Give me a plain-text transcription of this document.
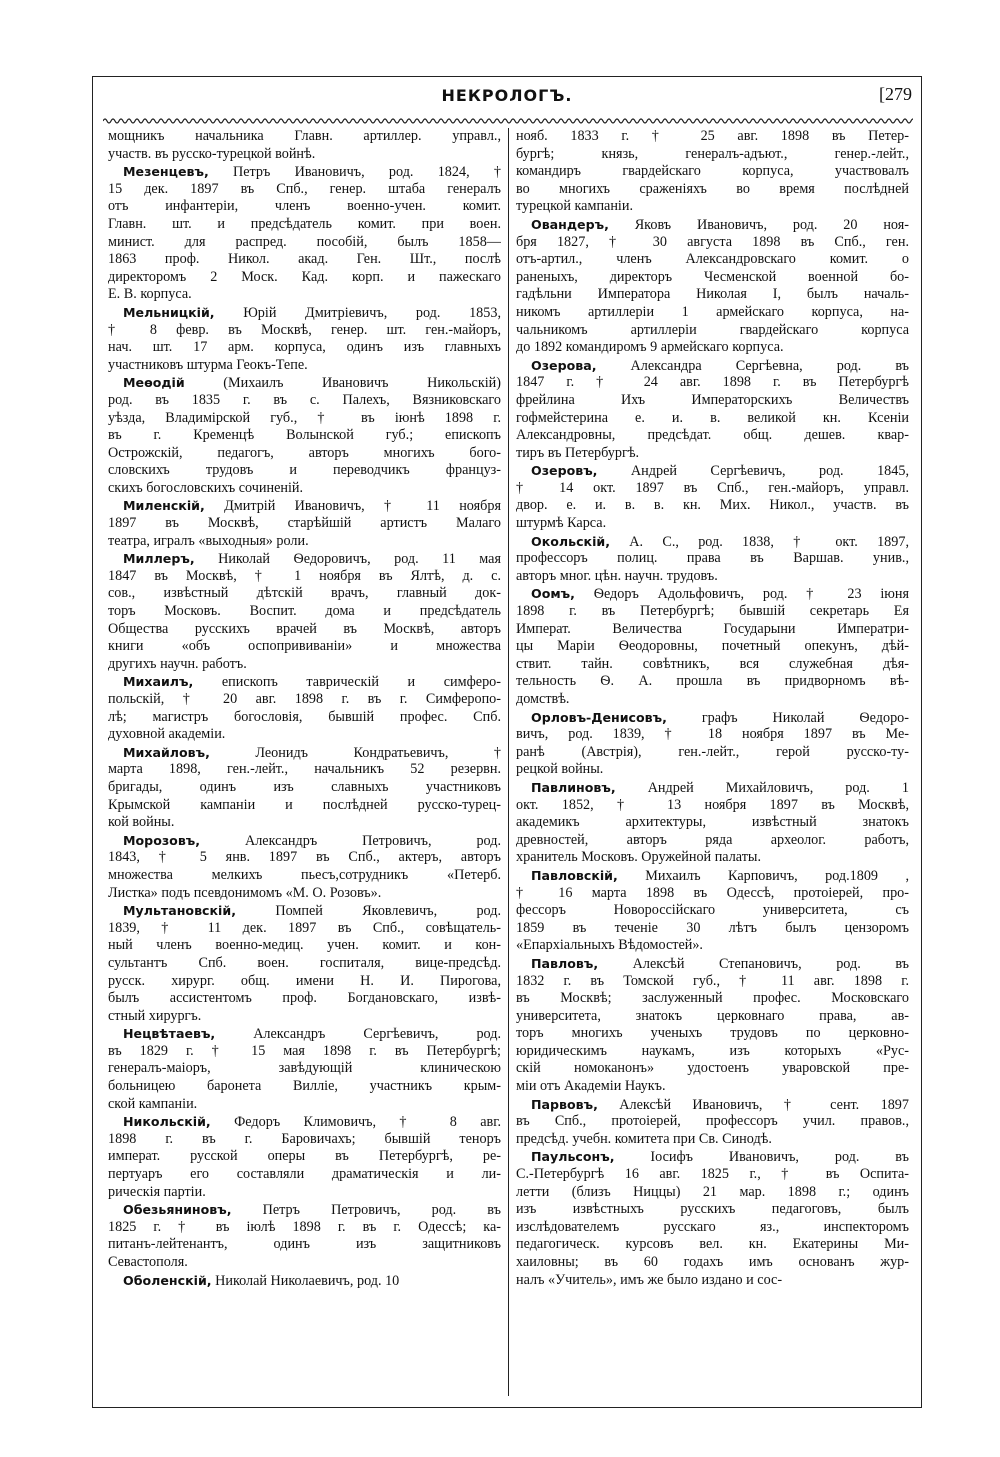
НЕКРОЛОГЪ.	[279
мощникъ начальника Главн. артиллер. управл.,
участв. въ русско-турецкой войнѣ.
Мезенцевъ, Петръ Ивановичъ, род. 1824, †
15 дек. 1897 въ Спб., генер. штаба генералъ
отъ инфантеріи, членъ военно-учен. комит.
Главн. шт. и предсѣдатель комит. при воен.
минист. для распред. пособій, былъ 1858—
1863 проф. Никол. акад. Ген. Шт., послѣ
директоромъ 2 Моск. Кад. корп. и пажескаго
Е. В. корпуса.
Мельницкій, Юрій Дмитріевичъ, род. 1853,
† 8 февр. въ Москвѣ, генер. шт. ген.-майоръ,
нач. шт. 17 арм. корпуса, одинъ изъ главныхъ
участниковъ штурма Геокъ-Тепе.
Меѳодій (Михаилъ Ивановичъ Никольскій)
род. въ 1835 г. въ с. Палехъ, Вязниковскаго
уѣзда, Владимірской губ., † въ іюнѣ 1898 г.
въ г. Кременцѣ Волынской губ.; епископъ
Острожскій, педагогъ, авторъ многихъ бого-
словскихъ трудовъ и переводчикъ француз-
скихъ богословскихъ сочиненій.
Миленскій, Дмитрій Ивановичъ, † 11 ноября
1897 въ Москвѣ, старѣйшій артистъ Малаго
театра, игралъ «выходныя» роли.
Миллеръ, Николай Ѳедоровичъ, род. 11 мая
1847 въ Москвѣ, † 1 ноября въ Ялтѣ, д. с.
сов., извѣстный дѣтскій врачъ, главный док-
торъ Московъ. Воспит. дома и предсѣдатель
Общества русскихъ врачей въ Москвѣ, авторъ
книги «объ оспопрививаніи» и множества
другихъ научн. работъ.
Михаилъ, епископъ таврическій и симферо-
польскій, † 20 авг. 1898 г. въ г. Симферопо-
лѣ; магистръ богословія, бывшій профес. Спб.
духовной академіи.
Михайловъ, Леонидъ Кондратьевичъ, †
марта 1898, ген.-лейт., начальникъ 52 резервн.
бригады, одинъ изъ славныхъ участниковъ
Крымской кампаніи и послѣдней русско-турец-
кой войны.
Морозовъ, Александръ Петровичъ, род.
1843, † 5 янв. 1897 въ Спб., актеръ, авторъ
множества мелкихъ пьесъ,сотрудникъ «Петерб.
Листка» подъ псевдонимомъ «М. О. Розовъ».
Мультановскій, Помпей Яковлевичъ, род.
1839, † 11 дек. 1897 въ Спб., совѣщатель-
ный членъ военно-медиц. учен. комит. и кон-
сультантъ Спб. воен. госпиталя, вице-предсѣд.
русск. хирург. общ. имени Н. И. Пирогова,
былъ ассистентомъ проф. Богдановскаго, извѣ-
стный хирургъ.
Нецвѣтаевъ, Александръ Сергѣевичъ, род.
въ 1829 г. † 15 мая 1898 г. въ Петербургѣ;
генералъ-маіоръ, завѣдующій клиническою
больницею баронета Виллie, участникъ крым-
ской кампаніи.
Никольскій, Федоръ Климовичъ, † 8 авг.
1898 г. въ г. Баровичахъ; бывшій теноръ
императ. русской оперы въ Петербургѣ, ре-
пертуаръ его составляли драматическія и ли-
рическія партіи.
Обезьяниновъ, Петръ Петровичъ, род. въ
1825 г. † въ іюлѣ 1898 г. въ г. Одессѣ; ка-
питанъ-лейтенантъ, одинъ изъ защитниковъ
Севастополя.
Оболенскій, Николай Николаевичъ, род. 10
нояб. 1833 г. † 25 авг. 1898 въ Петер-
бургѣ; князь, генералъ-адъют., генер.-лейт.,
командиръ гвардейскаго корпуса, участвовалъ
во многихъ сраженіяхъ во время послѣдней
турецкой кампаніи.
Овандеръ, Яковъ Ивановичъ, род. 20 ноя-
бря 1827, † 30 августа 1898 въ Спб., ген.
отъ-артил., членъ Александровскаго комит. о
раненыхъ, директоръ Чесменской военной бо-
гадѣльни Императора Николая I, былъ началь-
никомъ артиллеріи 1 армейскаго корпуса, на-
чальникомъ артиллеріи гвардейскаго корпуса
до 1892 командиромъ 9 армейскаго корпуса.
Озерова, Александра Сергѣевна, род. въ
1847 г. † 24 авг. 1898 г. въ Петербургѣ
фрейлина Ихъ Императорскихъ Величествъ
гофмейстерина е. и. в. великой кн. Ксеніи
Александровны, предсѣдат. общ. дешев. квар-
тиръ въ Петербургѣ.
Озеровъ, Андрей Сергѣевичъ, род. 1845,
† 14 окт. 1897 въ Спб., ген.-майоръ, управл.
двор. е. и. в. в. кн. Мих. Никол., участв. въ
штурмѣ Карса.
Окольскій, А. С., род. 1838, † окт. 1897,
профессоръ полиц. права въ Варшав. унив.,
авторъ мног. цѣн. научн. трудовъ.
Оомъ, Ѳедоръ Адольфовичъ, род. † 23 іюня
1898 г. въ Петербургѣ; бывшій секретарь Ея
Императ. Величества Государыни Императри-
цы Маріи Ѳеодоровны, почетный опекунъ, дѣй-
ствит. тайн. совѣтникъ, вся служебная дѣя-
тельность Ѳ. А. прошла въ придворномъ вѣ-
домствѣ.
Орловъ-Денисовъ, графъ Николай Ѳедоро-
вичъ, род. 1839, † 18 ноября 1897 въ Ме-
ранѣ (Австрія), ген.-лейт., герой русско-ту-
рецкой войны.
Павлиновъ, Андрей Михайловичъ, род. 1
окт. 1852, † 13 ноября 1897 въ Москвѣ,
академикъ архитектуры, извѣстный знатокъ
древностей, авторъ ряда археолог. работъ,
хранитель Московъ. Оружейной палаты.
Павловскій, Михаилъ Карповичъ, род.1809 ,
† 16 марта 1898 въ Одессѣ, протоіерей, про-
фессоръ Новороссійскаго университета, съ
1859 въ теченіе 30 лѣтъ былъ цензоромъ
«Епархіальныхъ Вѣдомостей».
Павловъ, Алексѣй Степановичъ, род. въ
1832 г. въ Томской губ., † 11 авг. 1898 г.
въ Москвѣ; заслуженный профес. Московскаго
университета, знатокъ церковнаго права, ав-
торъ многихъ ученыхъ трудовъ по церковно-
юридическимъ наукамъ, изъ которыхъ «Рус-
скій номоканонъ» удостоенъ уваровской пре-
міи отъ Академіи Наукъ.
Парвовъ, Алексѣй Ивановичъ, † сент. 1897
въ Спб., протоіерей, профессоръ учил. правов.,
предсѣд. учебн. комитета при Св. Синодѣ.
Паульсонъ, Іосифъ Ивановичъ, род. въ
С.-Петербургѣ 16 авг. 1825 г., † въ Оспита-
летти (близъ Ниццы) 21 мар. 1898 г.; одинъ
изъ извѣстныхъ русскихъ педагоговъ, былъ
изслѣдователемъ русскаго яз., инспекторомъ
педагогическ. курсовъ вел. кн. Екатерины Ми-
хаиловны; въ 60 годахъ имъ основанъ жур-
налъ «Учитель», имъ же было издано и сос-
